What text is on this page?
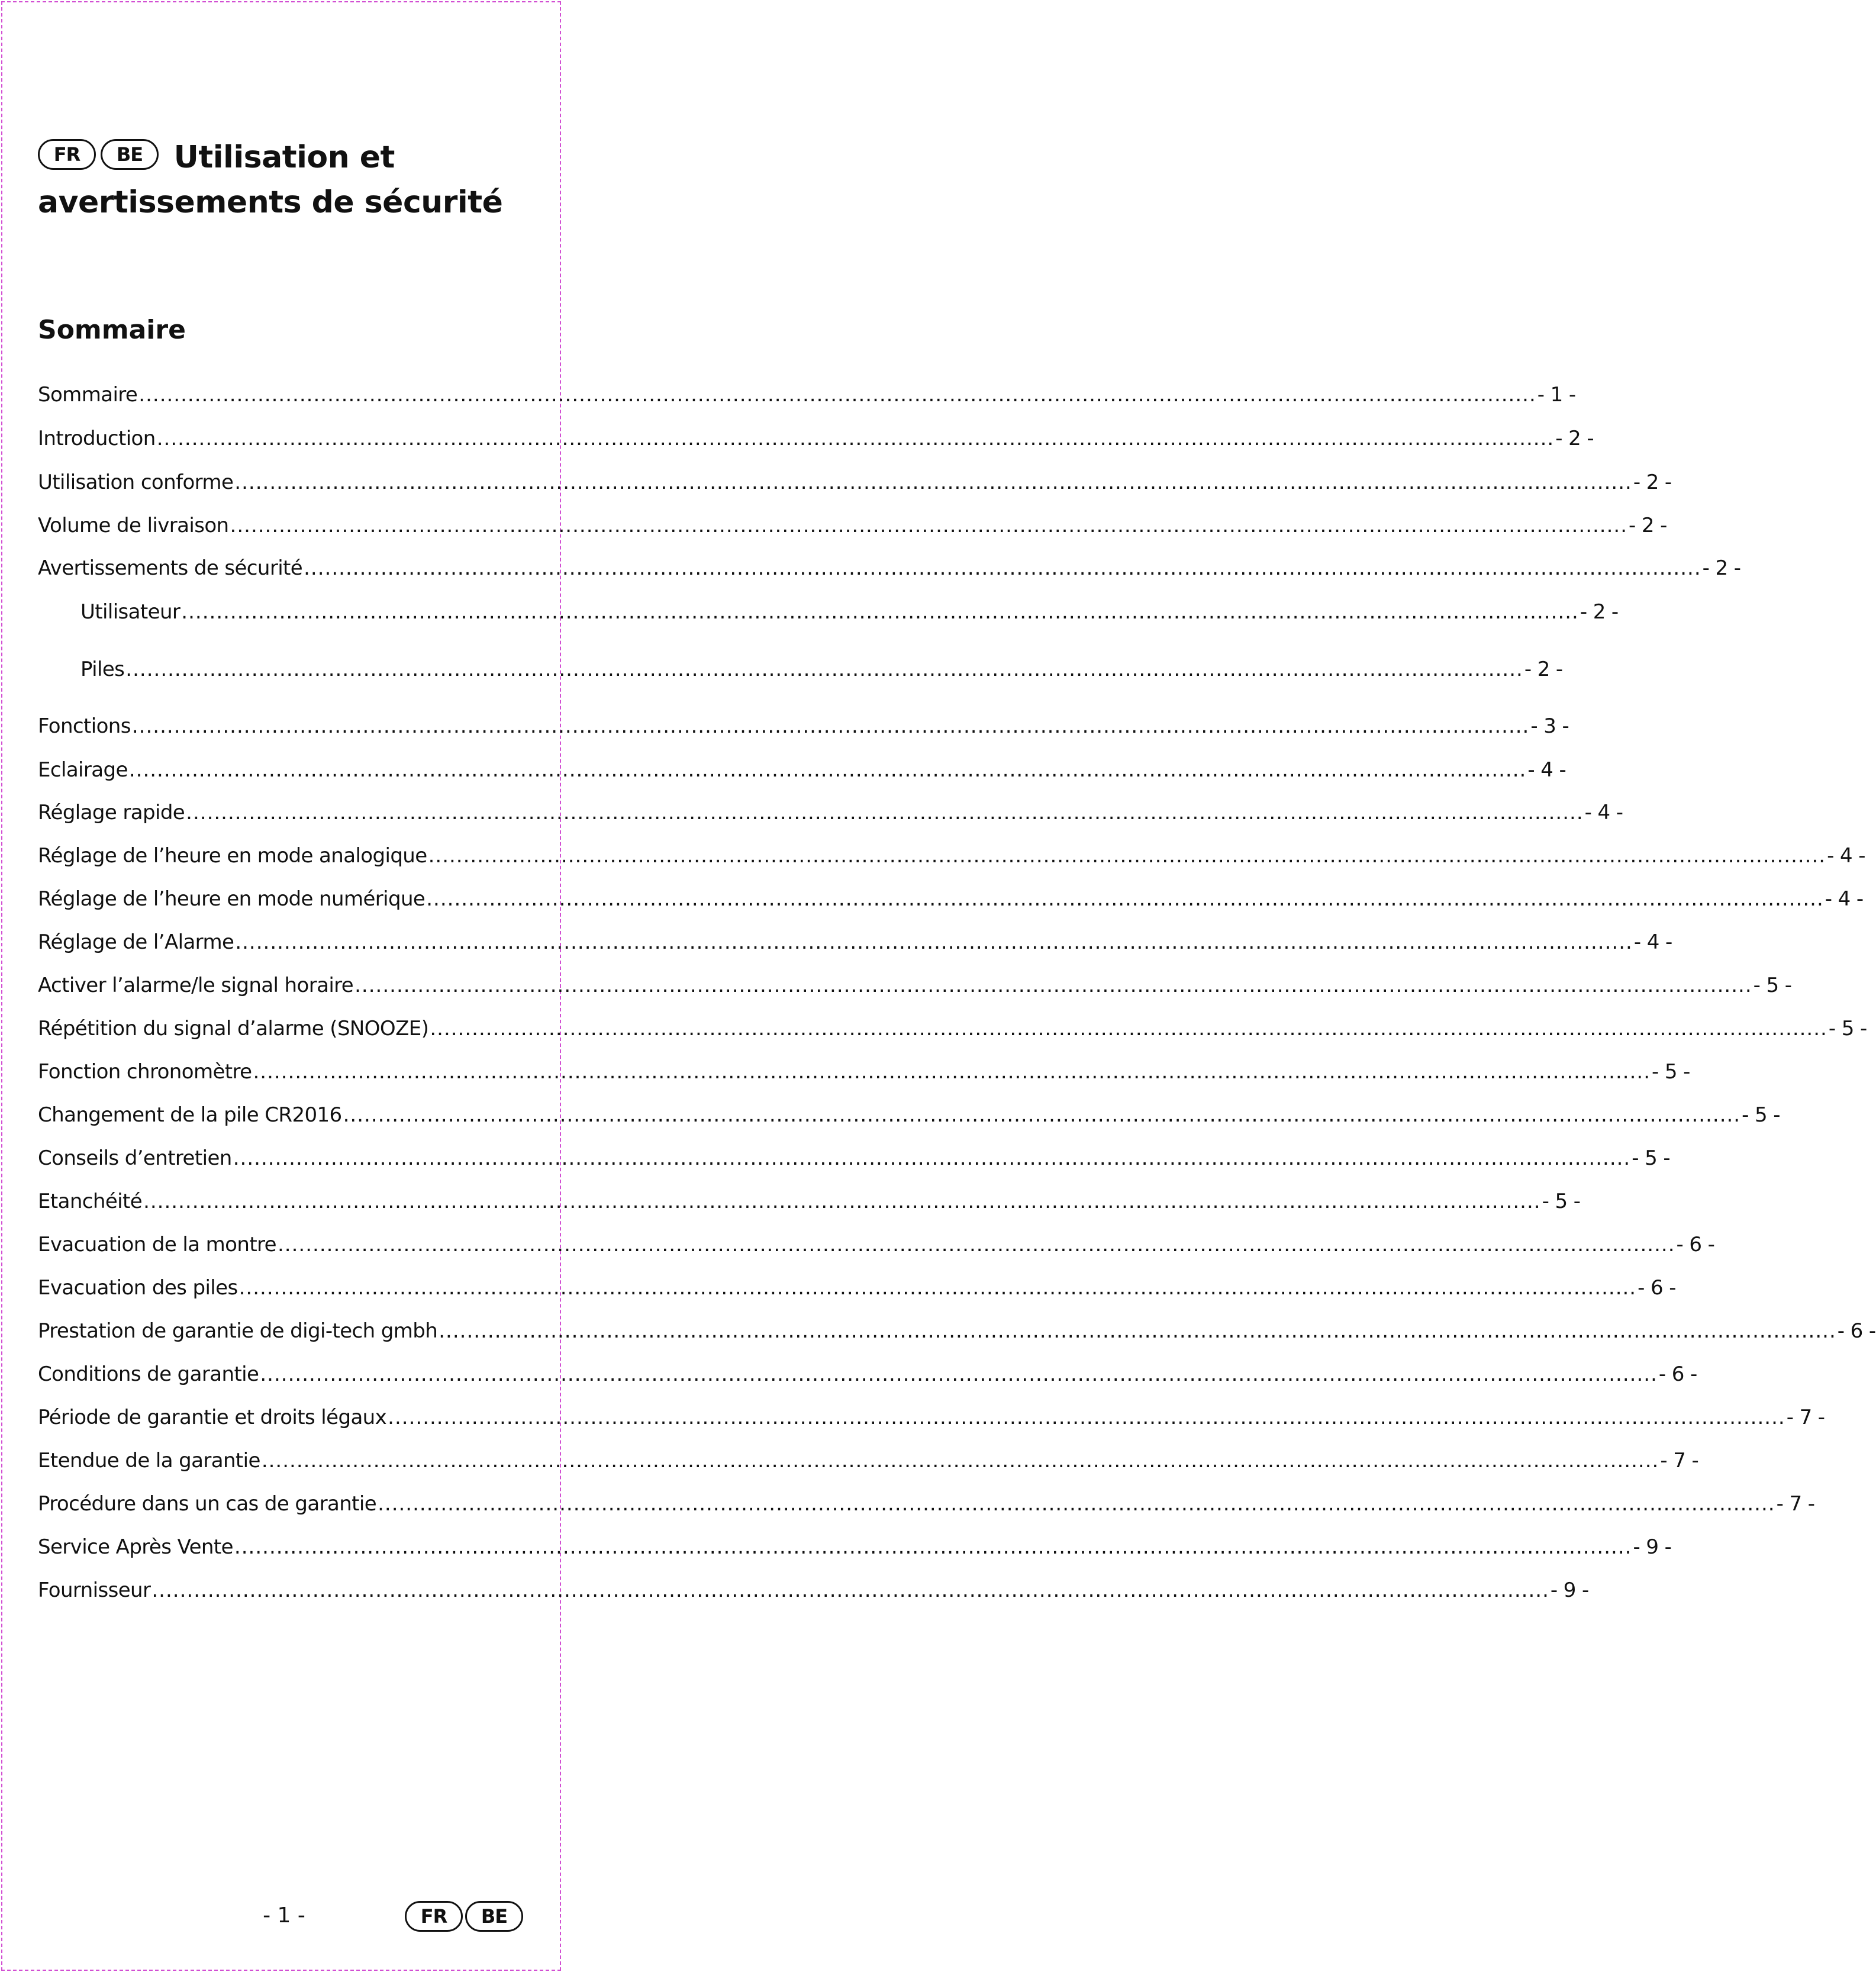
FR BE Utilisation et
avertissements de sécurité
Sommaire
Sommaire ........................................................................................................................................................................................................ - 1 -
Introduction ........................................................................................................................................................................................................ - 2 -
Utilisation conforme ........................................................................................................................................................................................................ - 2 -
Volume de livraison ........................................................................................................................................................................................................ - 2 -
Avertissements de sécurité ........................................................................................................................................................................................................ - 2 -
Utilisateur ........................................................................................................................................................................................................ - 2 -
Piles ........................................................................................................................................................................................................ - 2 -
Fonctions ........................................................................................................................................................................................................ - 3 -
Eclairage ........................................................................................................................................................................................................ - 4 -
Réglage rapide ........................................................................................................................................................................................................ - 4 -
Réglage de l’heure en mode analogique ........................................................................................................................................................................................................ - 4 -
Réglage de l’heure en mode numérique ........................................................................................................................................................................................................ - 4 -
Réglage de l’Alarme ........................................................................................................................................................................................................ - 4 -
Activer l’alarme/le signal horaire ........................................................................................................................................................................................................ - 5 -
Répétition du signal d’alarme (SNOOZE) ........................................................................................................................................................................................................ - 5 -
Fonction chronomètre ........................................................................................................................................................................................................ - 5 -
Changement de la pile CR2016 ........................................................................................................................................................................................................ - 5 -
Conseils d’entretien ........................................................................................................................................................................................................ - 5 -
Etanchéité ........................................................................................................................................................................................................ - 5 -
Evacuation de la montre ........................................................................................................................................................................................................ - 6 -
Evacuation des piles ........................................................................................................................................................................................................ - 6 -
Prestation de garantie de digi-tech gmbh ........................................................................................................................................................................................................ - 6 -
Conditions de garantie ........................................................................................................................................................................................................ - 6 -
Période de garantie et droits légaux ........................................................................................................................................................................................................ - 7 -
Etendue de la garantie ........................................................................................................................................................................................................ - 7 -
Procédure dans un cas de garantie ........................................................................................................................................................................................................ - 7 -
Service Après Vente ........................................................................................................................................................................................................ - 9 -
Fournisseur ........................................................................................................................................................................................................ - 9 -
- 1 -	FR	BE
